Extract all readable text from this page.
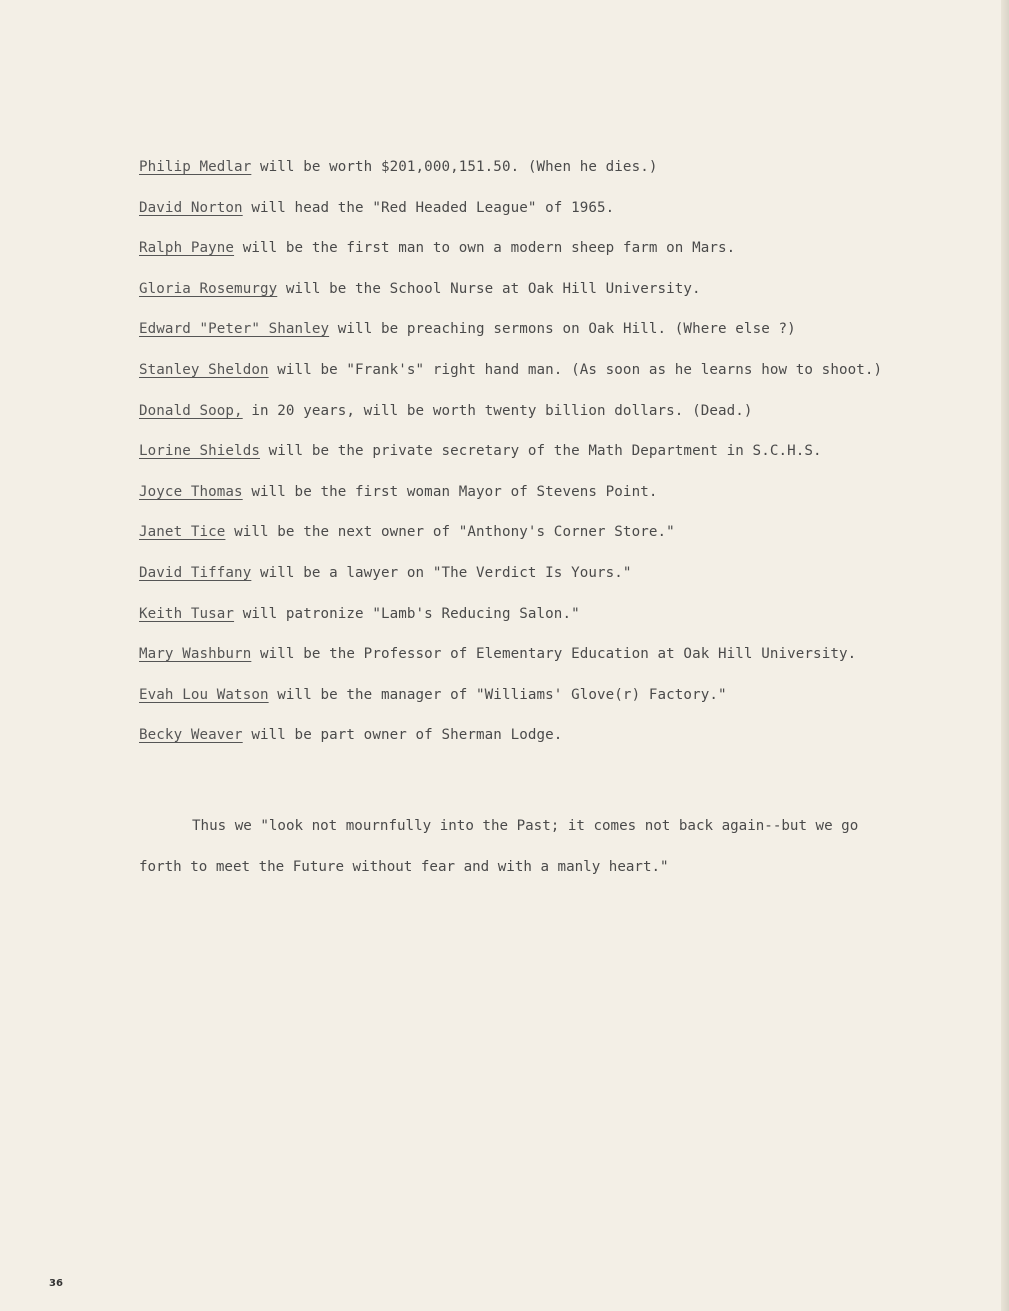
Philip Medlar will be worth $201,000,151.50. (When he dies.)
David Norton will head the "Red Headed League" of 1965.
Ralph Payne will be the first man to own a modern sheep farm on Mars.
Gloria Rosemurgy will be the School Nurse at Oak Hill University.
Edward "Peter" Shanley will be preaching sermons on Oak Hill. (Where else ?)
Stanley Sheldon will be "Frank's" right hand man. (As soon as he learns how to shoot.)
Donald Soop, in 20 years, will be worth twenty billion dollars. (Dead.)
Lorine Shields will be the private secretary of the Math Department in S.C.H.S.
Joyce Thomas will be the first woman Mayor of Stevens Point.
Janet Tice will be the next owner of "Anthony's Corner Store."
David Tiffany will be a lawyer on "The Verdict Is Yours."
Keith Tusar will patronize "Lamb's Reducing Salon."
Mary Washburn will be the Professor of Elementary Education at Oak Hill University.
Evah Lou Watson will be the manager of "Williams' Glove(r) Factory."
Becky Weaver will be part owner of Sherman Lodge.

Thus we "look not mournfully into the Past; it comes not back again--but we go forth to meet the Future without fear and with a manly heart."

36
